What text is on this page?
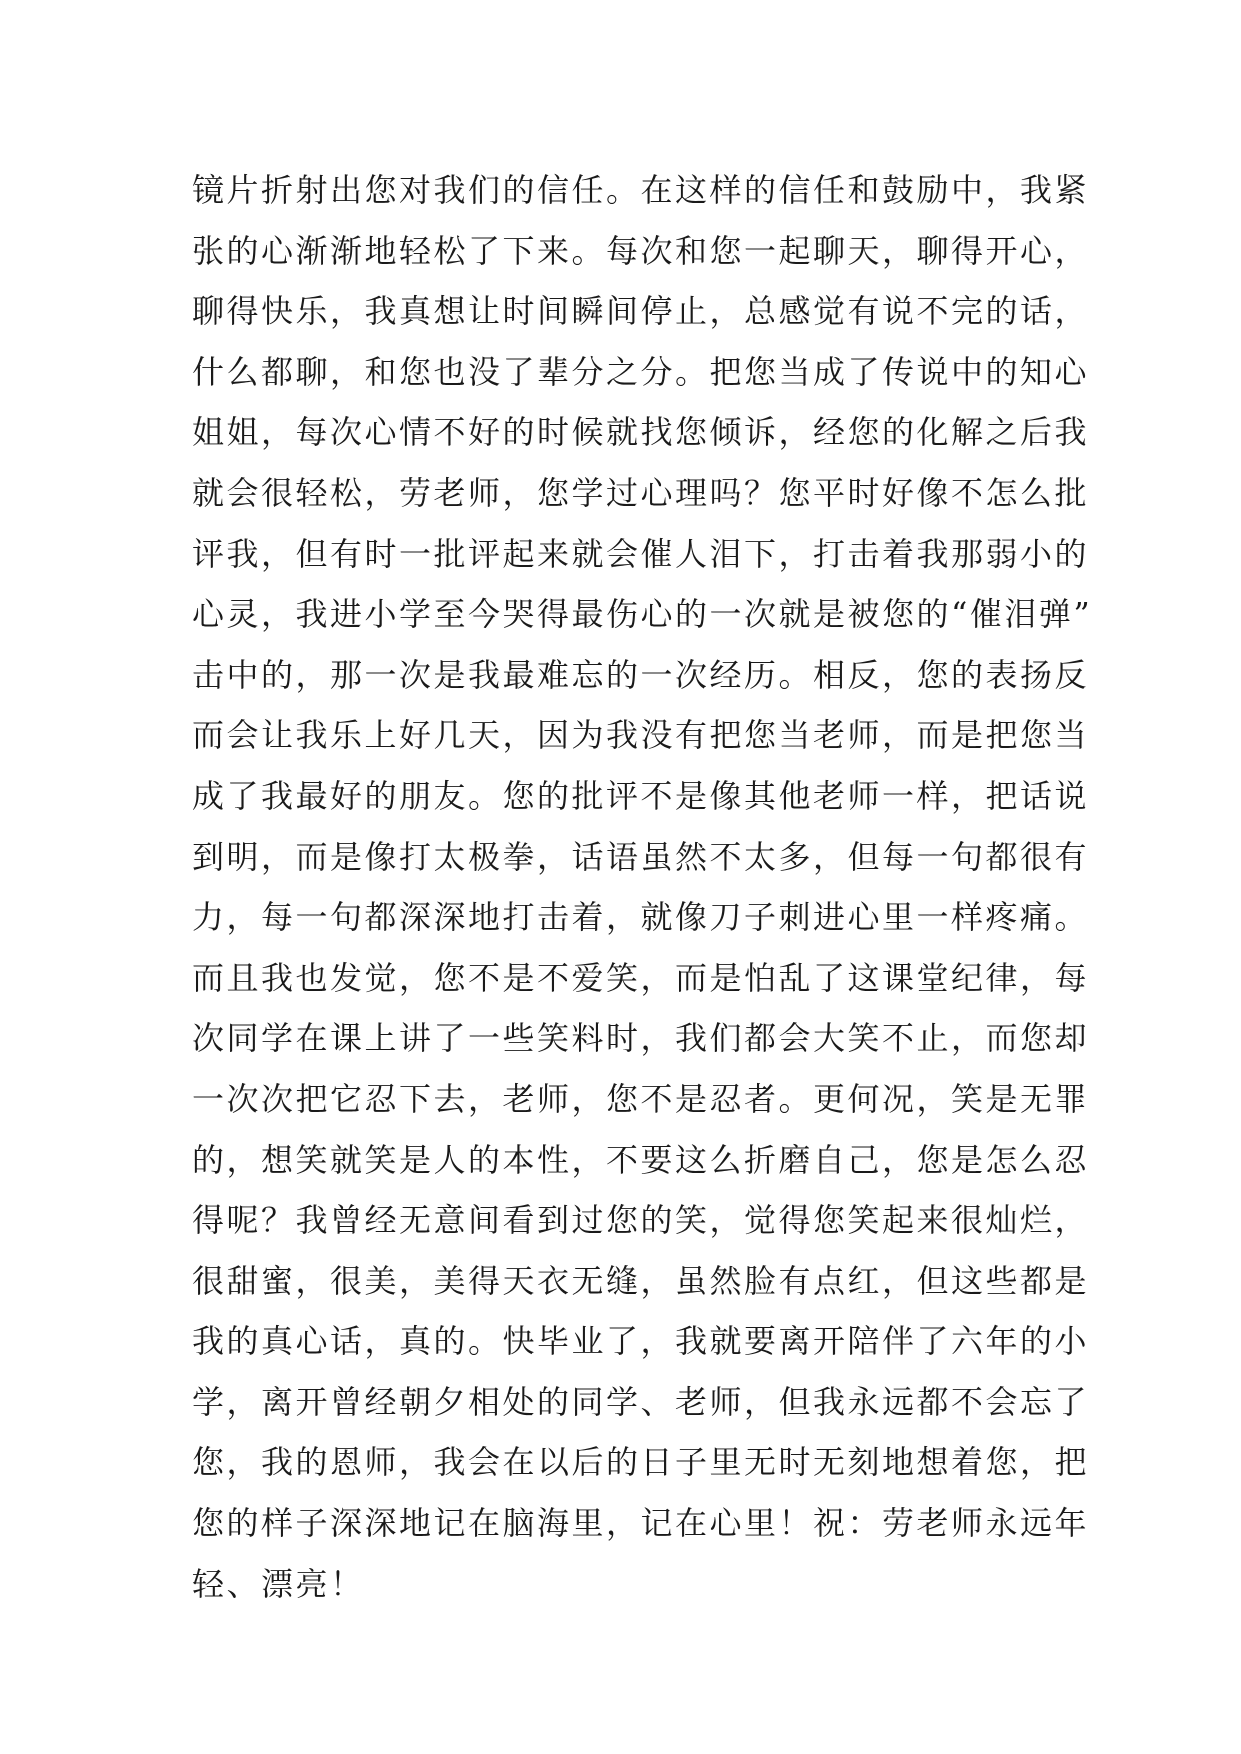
镜片折射出您对我们的信任。在这样的信任和鼓励中，我紧
张的心渐渐地轻松了下来。每次和您一起聊天，聊得开心，
聊得快乐，我真想让时间瞬间停止，总感觉有说不完的话，
什么都聊，和您也没了辈分之分。把您当成了传说中的知心
姐姐，每次心情不好的时候就找您倾诉，经您的化解之后我
就会很轻松，劳老师，您学过心理吗？您平时好像不怎么批
评我，但有时一批评起来就会催人泪下，打击着我那弱小的
心灵，我进小学至今哭得最伤心的一次就是被您的“催泪弹”
击中的，那一次是我最难忘的一次经历。相反，您的表扬反
而会让我乐上好几天，因为我没有把您当老师，而是把您当
成了我最好的朋友。您的批评不是像其他老师一样，把话说
到明，而是像打太极拳，话语虽然不太多，但每一句都很有
力，每一句都深深地打击着，就像刀子刺进心里一样疼痛。
而且我也发觉，您不是不爱笑，而是怕乱了这课堂纪律，每
次同学在课上讲了一些笑料时，我们都会大笑不止，而您却
一次次把它忍下去，老师，您不是忍者。更何况，笑是无罪
的，想笑就笑是人的本性，不要这么折磨自己，您是怎么忍
得呢？我曾经无意间看到过您的笑，觉得您笑起来很灿烂，
很甜蜜，很美，美得天衣无缝，虽然脸有点红，但这些都是
我的真心话，真的。快毕业了，我就要离开陪伴了六年的小
学，离开曾经朝夕相处的同学、老师，但我永远都不会忘了
您，我的恩师，我会在以后的日子里无时无刻地想着您，把
您的样子深深地记在脑海里，记在心里！祝：劳老师永远年
轻、漂亮！
